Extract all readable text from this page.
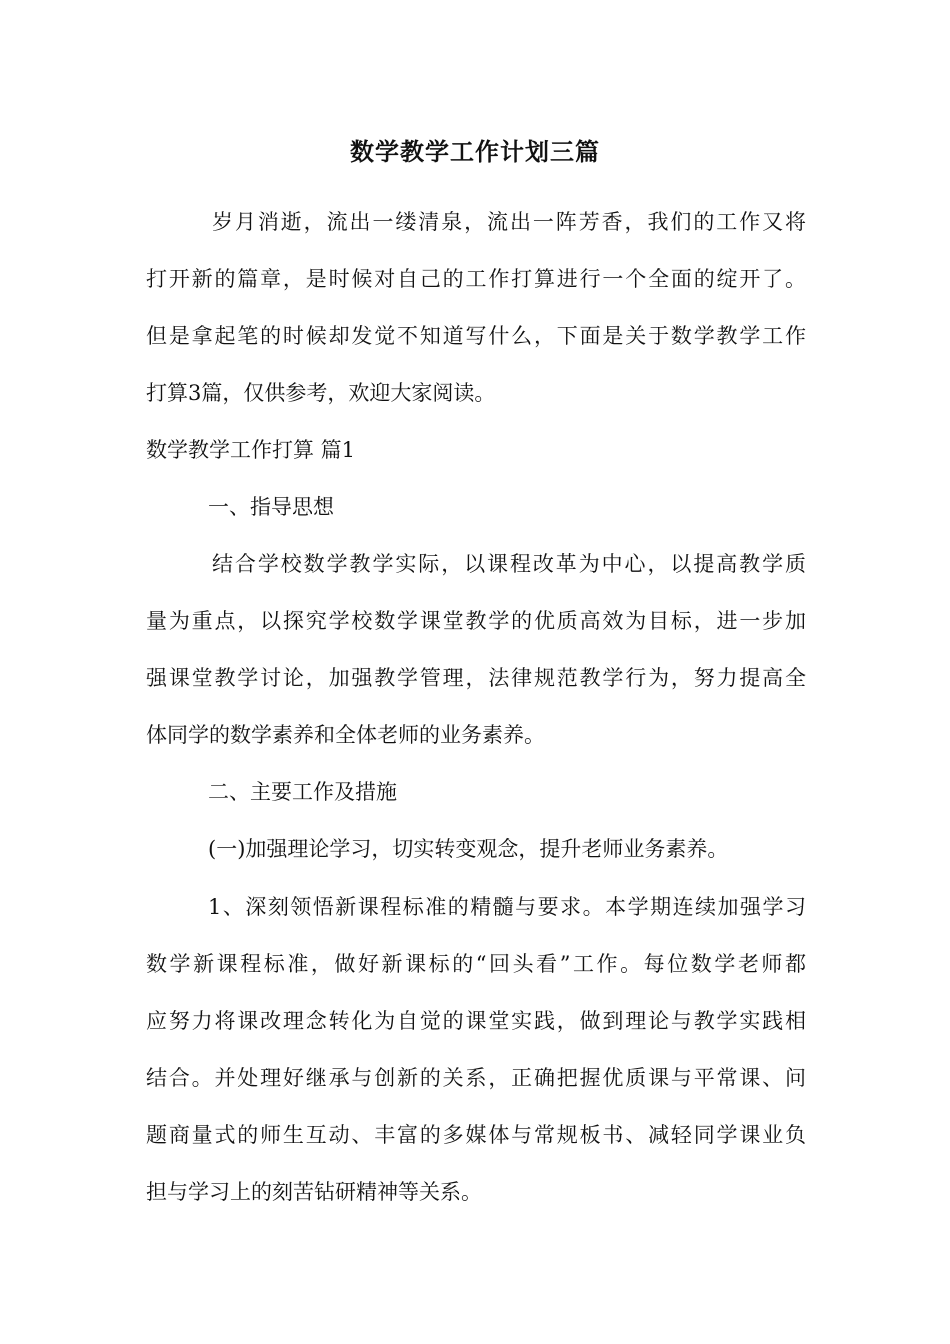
数学教学工作计划三篇
岁月消逝，流出一缕清泉，流出一阵芳香，我们的工作又将
打开新的篇章，是时候对自己的工作打算进行一个全面的绽开了。
但是拿起笔的时候却发觉不知道写什么，下面是关于数学教学工作
打算3篇，仅供参考，欢迎大家阅读。
数学教学工作打算 篇1
一、指导思想
结合学校数学教学实际，以课程改革为中心，以提高教学质
量为重点，以探究学校数学课堂教学的优质高效为目标，进一步加
强课堂教学讨论，加强教学管理，法律规范教学行为，努力提高全
体同学的数学素养和全体老师的业务素养。
二、主要工作及措施
(一)加强理论学习，切实转变观念，提升老师业务素养。
1、深刻领悟新课程标准的精髓与要求。本学期连续加强学习
数学新课程标准，做好新课标的“回头看”工作。每位数学老师都
应努力将课改理念转化为自觉的课堂实践，做到理论与教学实践相
结合。并处理好继承与创新的关系，正确把握优质课与平常课、问
题商量式的师生互动、丰富的多媒体与常规板书、减轻同学课业负
担与学习上的刻苦钻研精神等关系。
